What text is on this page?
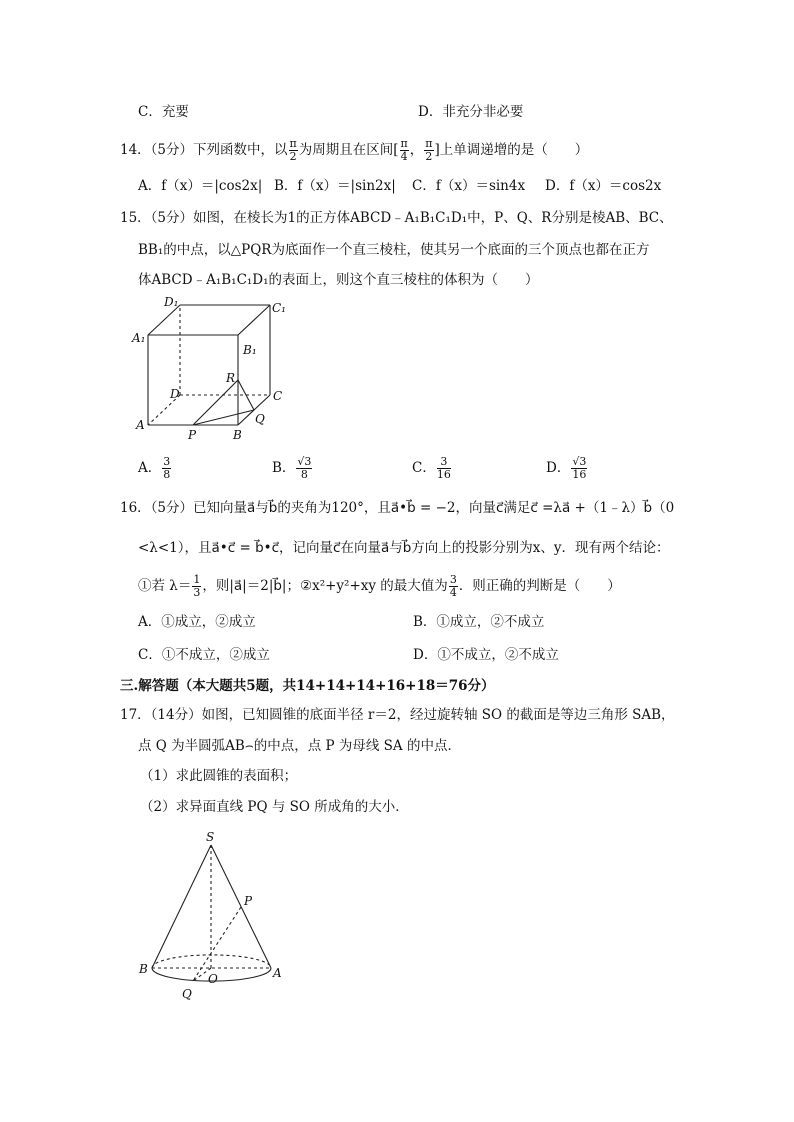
C．充要	D．非充分非必要
14．（5分）下列函数中，以 $\frac{\pi}{2}$ 为周期且在区间[ $\frac{\pi}{4}$ ， $\frac{\pi}{2}$ ]上单调递增的是（　　）
A．f（x）＝|cos2x| B．f（x）＝|sin2x| C．f（x）＝sin4x D．f（x）＝cos2x
15．（5分）如图，在棱长为1的正方体ABCD﹣A₁B₁C₁D₁中，P、Q、R分别是棱AB、BC、
BB₁的中点，以△PQR为底面作一个直三棱柱，使其另一个底面的三个顶点也都在正方
体ABCD﹣A₁B₁C₁D₁的表面上，则这个直三棱柱的体积为（　　）
D₁	C₁
A₁
B₁
R
D	C
Q
A
P	B
A． $\frac{3}{8}$	B． $\frac{√3}{8}$	C． $\frac{3}{16}$	D． $\frac{√3}{16}$
16．（5分）已知向量a⃗与b⃗的夹角为120°，且a⃗•b⃗ = −2，向量c⃗满足c⃗ =λa⃗ +（1﹣λ）b⃗（0
<λ<1），且a⃗•c⃗ = b⃗•c⃗，记向量c⃗在向量a⃗与b⃗方向上的投影分别为x、y．现有两个结论：
①若 $\lambda= \frac{1}{3}$ ，则|a⃗|＝2|b⃗|；②x²+y²+xy 的最大值为 $\frac{3}{4}$ ．则正确的判断是（　　）
A．①成立，②成立	B．①成立，②不成立
C．①不成立，②成立	D．①不成立，②不成立
三.解答题（本大题共5题，共14+14+14+16+18＝76分）
17．（14分）如图，已知圆锥的底面半径 r＝2，经过旋转轴 SO 的截面是等边三角形 SAB，
点 Q 为半圆弧AB⌢的中点，点 P 为母线 SA 的中点．
（1）求此圆锥的表面积；
（2）求异面直线 PQ 与 SO 所成角的大小．
S
P
B
O	A
Q
